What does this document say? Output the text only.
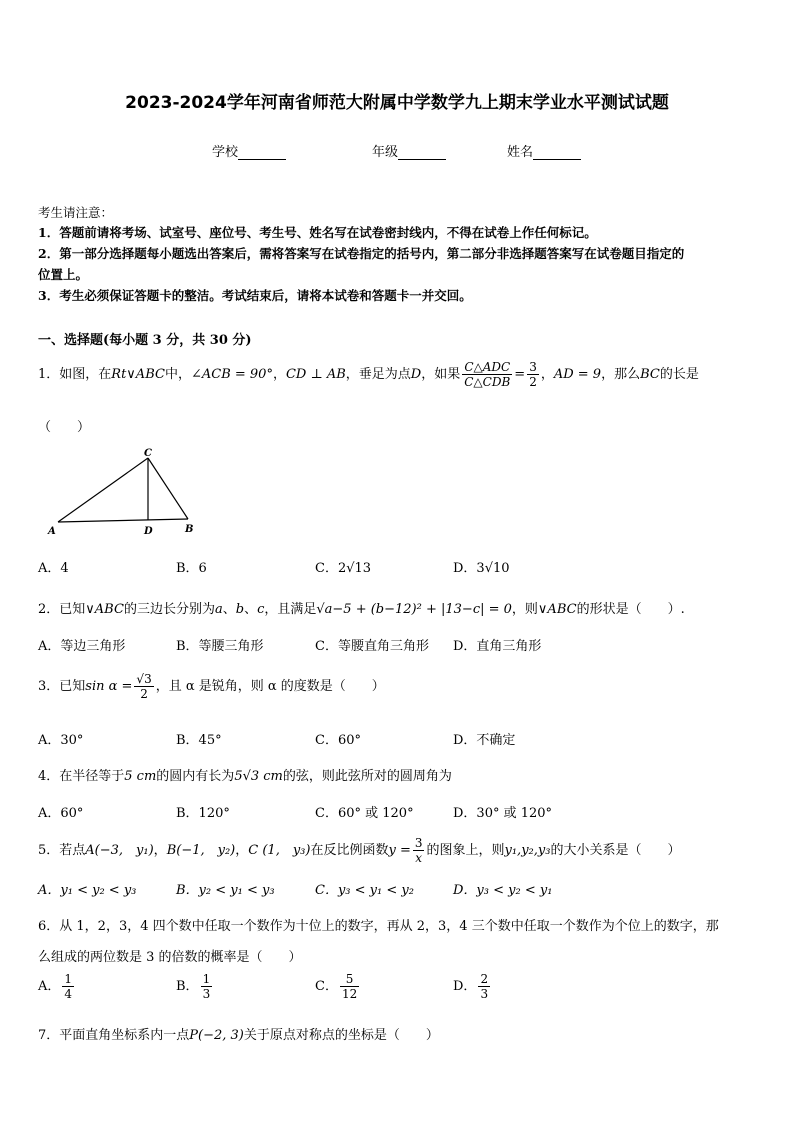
2023-2024学年河南省师范大附属中学数学九上期末学业水平测试试题
学校	年级	姓名
考生请注意：
1．答题前请将考场、试室号、座位号、考生号、姓名写在试卷密封线内，不得在试卷上作任何标记。
2．第一部分选择题每小题选出答案后，需将答案写在试卷指定的括号内，第二部分非选择题答案写在试卷题目指定的
位置上。
3．考生必须保证答题卡的整洁。考试结束后，请将本试卷和答题卡一并交回。
一、选择题(每小题 3 分，共 30 分)
1．如图，在Rt∨ABC中，∠ACB = 90°，CD ⊥ AB，垂足为点D，如果 $\frac{\text{C△ADC}}{\text{C△CDB}} = \frac{3}{2}$ ，AD = 9，那么BC的长是
（　　）
C
A	D	B
A．4	B．6	C．2√13	D．3√10
2．已知∨ABC的三边长分别为a、b、c，且满足√a−5 + (b−12)² + |13−c| = 0，则∨ABC的形状是（　　）.
A．等边三角形	B．等腰三角形	C．等腰直角三角形 D．直角三角形
3．已知$\sin \alpha = \frac{√3}{2}$ ，且 α 是锐角，则 α 的度数是（　　）
A．30°	B．45°	C．60°	D．不确定
4．在半径等于5 cm的圆内有长为5√3 cm的弦，则此弦所对的圆周角为
A．60°	B．120°	C．60° 或 120°	D．30° 或 120°
5．若点A(−3,　y₁)，B(−1,　y₂)，C (1,　y₃)在反比例函数$y = \frac{3}{x}$ 的图象上，则y₁,y₂,y₃的大小关系是（　　）
A．y₁ < y₂ < y₃	B．y₂ < y₁ < y₃	C．y₃ < y₁ < y₂	D．y₃ < y₂ < y₁
6．从 1，2，3，4 四个数中任取一个数作为十位上的数字，再从 2，3，4 三个数中任取一个数作为个位上的数字，那
么组成的两位数是 3 的倍数的概率是（　　）
A． $\frac{1}{4}$	B． $\frac{1}{3}$	C． $\frac{5}{12}$	D． $\frac{2}{3}$
7．平面直角坐标系内一点P(−2, 3)关于原点对称点的坐标是（　　）
